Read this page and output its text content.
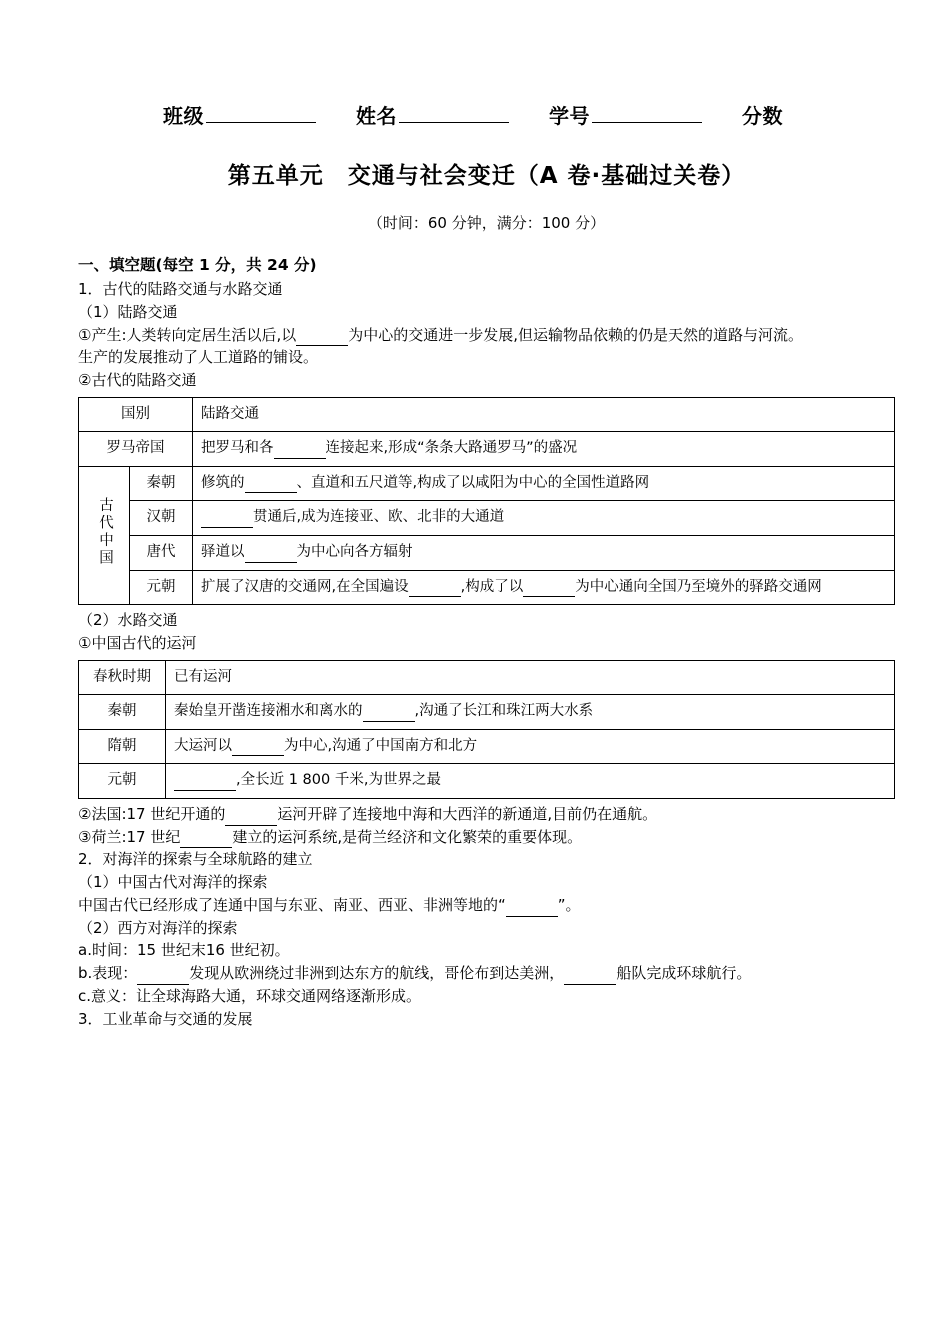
班级	姓名	学号	分数
第五单元　交通与社会变迁（A 卷·基础过关卷）

（时间：60 分钟，满分：100 分）

一、填空题(每空 1 分，共 24 分)

1．古代的陆路交通与水路交通

（1）陆路交通

①产生:人类转向定居生活以后,以	为中心的交通进一步发展,但运输物品依赖的仍是天然的道路与河流。

生产的发展推动了人工道路的铺设。

②古代的陆路交通

国别		陆路交通
罗马帝国		把罗马和各 连接起来,形成“条条大路通罗马”的盛况
古代中国	秦朝	修筑的 、直道和五尺道等,构成了以咸阳为中心的全国性道路网
	汉朝	贯通后,成为连接亚、欧、北非的大通道
	唐代	驿道以 为中心向各方辐射
	元朝	扩展了汉唐的交通网,在全国遍设 ,构成了以 为中心通向全国乃至境外的驿路交通网

（2）水路交通

①中国古代的运河

春秋时期	已有运河
秦朝	秦始皇开凿连接湘水和离水的 ,沟通了长江和珠江两大水系
隋朝	大运河以 为中心,沟通了中国南方和北方
元朝	,全长近 1 800 千米,为世界之最

②法国:17 世纪开通的	运河开辟了连接地中海和大西洋的新通道,目前仍在通航。

③荷兰:17 世纪	建立的运河系统,是荷兰经济和文化繁荣的重要体现。

2．对海洋的探索与全球航路的建立

（1）中国古代对海洋的探索

中国古代已经形成了连通中国与东亚、南亚、西亚、非洲等地的“	”。

（2）西方对海洋的探索

a.时间：15 世纪末16 世纪初。

b.表现：	发现从欧洲绕过非洲到达东方的航线，哥伦布到达美洲，	船队完成环球航行。

c.意义：让全球海路大通，环球交通网络逐渐形成。

3．工业革命与交通的发展
